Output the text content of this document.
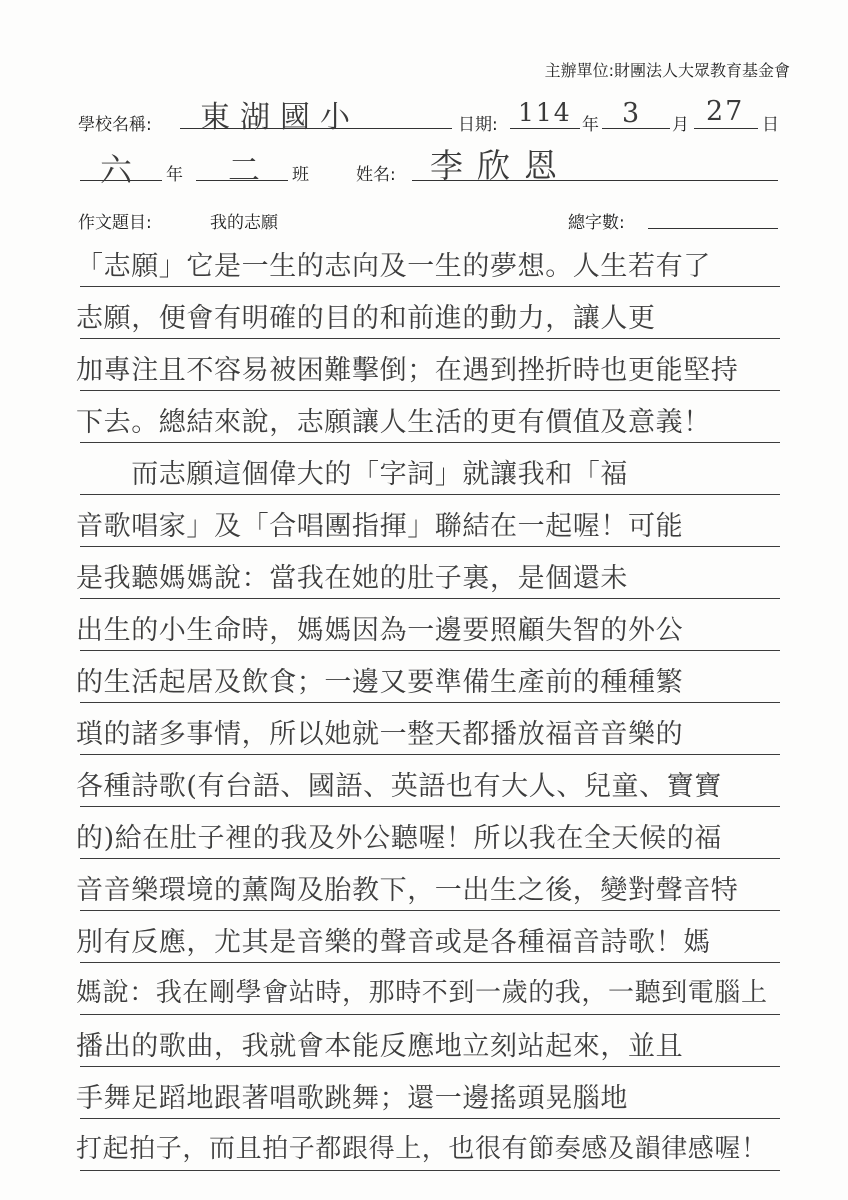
主辦單位:財團法人大眾教育基金會
學校名稱: 東湖國小	日期: 114 年 3 月 27 日
六 年 二 班	姓名: 李欣恩
作文題目:	我的志願	總字數:
「志願」它是一生的志向及一生的夢想。人生若有了
志願，便會有明確的目的和前進的動力，讓人更
加專注且不容易被困難擊倒；在遇到挫折時也更能堅持
下去。總結來說，志願讓人生活的更有價值及意義！
　　而志願這個偉大的「字詞」就讓我和「福
音歌唱家」及「合唱團指揮」聯結在一起喔！可能
是我聽媽媽說：當我在她的肚子裏，是個還未
出生的小生命時，媽媽因為一邊要照顧失智的外公
的生活起居及飲食；一邊又要準備生產前的種種繁
瑣的諸多事情，所以她就一整天都播放福音音樂的
各種詩歌(有台語、國語、英語也有大人、兒童、寶寶
的)給在肚子裡的我及外公聽喔！所以我在全天候的福
音音樂環境的薰陶及胎教下，一出生之後，變對聲音特
別有反應，尤其是音樂的聲音或是各種福音詩歌！媽
媽說：我在剛學會站時，那時不到一歲的我，一聽到電腦上
播出的歌曲，我就會本能反應地立刻站起來，並且
手舞足蹈地跟著唱歌跳舞；還一邊搖頭晃腦地
打起拍子，而且拍子都跟得上，也很有節奏感及韻律感喔！
